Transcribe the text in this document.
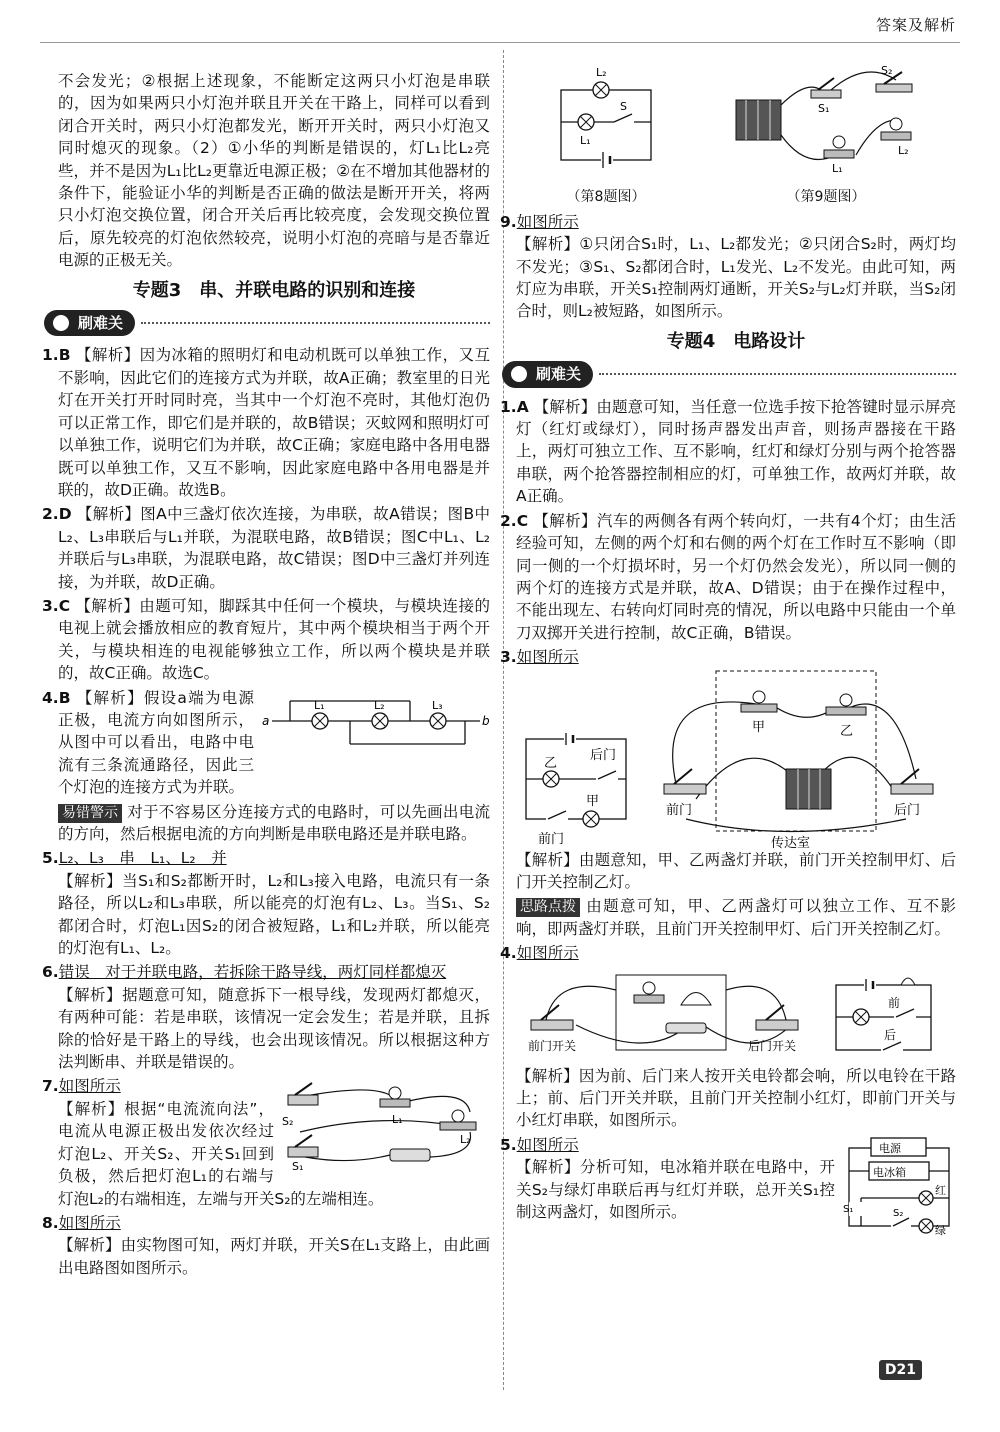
答案及解析
不会发光；②根据上述现象，不能断定这两只小灯泡是串联的，因为如果两只小灯泡并联且开关在干路上，同样可以看到闭合开关时，两只小灯泡都发光，断开开关时，两只小灯泡又同时熄灭的现象。（2）①小华的判断是错误的，灯L₁比L₂亮些，并不是因为L₁比L₂更靠近电源正极；②在不增加其他器材的条件下，能验证小华的判断是否正确的做法是断开开关，将两只小灯泡交换位置，闭合开关后再比较亮度，会发现交换位置后，原先较亮的灯泡依然较亮，说明小灯泡的亮暗与是否靠近电源的正极无关。
专题3　串、并联电路的识别和连接
刷难关
1.B 【解析】因为冰箱的照明灯和电动机既可以单独工作，又互不影响，因此它们的连接方式为并联，故A正确；教室里的日光灯在开关打开时同时亮，当其中一个灯泡不亮时，其他灯泡仍可以正常工作，即它们是并联的，故B错误；灭蚊网和照明灯可以单独工作，说明它们为并联，故C正确；家庭电路中各用电器既可以单独工作，又互不影响，因此家庭电路中各用电器是并联的，故D正确。故选B。
2.D 【解析】图A中三盏灯依次连接，为串联，故A错误；图B中L₂、L₃串联后与L₁并联，为混联电路，故B错误；图C中L₁、L₂并联后与L₃串联，为混联电路，故C错误；图D中三盏灯并列连接，为并联，故D正确。
3.C 【解析】由题可知，脚踩其中任何一个模块，与模块连接的电视上就会播放相应的教育短片，其中两个模块相当于两个开关，与模块相连的电视能够独立工作，所以两个模块是并联的，故C正确。故选C。
a	b
L₁	L₂	L₃
4.B 【解析】假设a端为电源正极，电流方向如图所示，从图中可以看出，电路中电流有三条流通路径，因此三个灯泡的连接方式为并联。
易错警示 对于不容易区分连接方式的电路时，可以先画出电流的方向，然后根据电流的方向判断是串联电路还是并联电路。
5.L₂、L₃　串　L₁、L₂　并
【解析】当S₁和S₂都断开时，L₂和L₃接入电路，电流只有一条路径，所以L₂和L₃串联，所以能亮的灯泡有L₂、L₃。当S₁、S₂都闭合时，灯泡L₁因S₂的闭合被短路，L₁和L₂并联，所以能亮的灯泡有L₁、L₂。
6.错误　对于并联电路，若拆除干路导线，两灯同样都熄灭
【解析】据题意可知，随意拆下一根导线，发现两灯都熄灭，有两种可能：若是串联，该情况一定会发生；若是并联，且拆除的恰好是干路上的导线，也会出现该情况。所以根据这种方法判断串、并联是错误的。
L₁
L₂
S₂
S₁
7.如图所示
【解析】根据“电流流向法”，电流从电源正极出发依次经过灯泡L₂、开关S₂、开关S₁回到负极，然后把灯泡L₁的右端与灯泡L₂的右端相连，左端与开关S₂的左端相连。
8.如图所示
【解析】由实物图可知，两灯并联，开关S在L₁支路上，由此画出电路图如图所示。
L₂
L₁
S
（第8题图）
S₁
S₂
L₁
L₂
（第9题图）
9.如图所示
【解析】①只闭合S₁时，L₁、L₂都发光；②只闭合S₂时，两灯均不发光；③S₁、S₂都闭合时，L₁发光、L₂不发光。由此可知，两灯应为串联，开关S₁控制两灯通断，开关S₂与L₂灯并联，当S₂闭合时，则L₂被短路，如图所示。
专题4　电路设计
刷难关
1.A 【解析】由题意可知，当任意一位选手按下抢答键时显示屏亮灯（红灯或绿灯），同时扬声器发出声音，则扬声器接在干路上，两灯可独立工作、互不影响，红灯和绿灯分别与两个抢答器串联，两个抢答器控制相应的灯，可单独工作，故两灯并联，故A正确。
2.C 【解析】汽车的两侧各有两个转向灯，一共有4个灯；由生活经验可知，左侧的两个灯和右侧的两个灯在工作时互不影响（即同一侧的一个灯损坏时，另一个灯仍然会发光），所以同一侧的两个灯的连接方式是并联，故A、D错误；由于在操作过程中，不能出现左、右转向灯同时亮的情况，所以电路中只能由一个单刀双掷开关进行控制，故C正确，B错误。
3.如图所示
乙
后门
甲
前门
甲	乙
前门	后门
传达室
【解析】由题意知，甲、乙两盏灯并联，前门开关控制甲灯、后门开关控制乙灯。
思路点拨 由题意可知，甲、乙两盏灯可以独立工作、互不影响，即两盏灯并联，且前门开关控制甲灯、后门开关控制乙灯。
4.如图所示
前门开关	后门开关
前
后
【解析】因为前、后门来人按开关电铃都会响，所以电铃在干路上；前、后门开关并联，且前门开关控制小红灯，即前门开关与小红灯串联，如图所示。
电源
电冰箱
S₁	S₂
红
绿
5.如图所示
【解析】分析可知，电冰箱并联在电路中，开关S₂与绿灯串联后再与红灯并联，总开关S₁控制这两盏灯，如图所示。
D21
